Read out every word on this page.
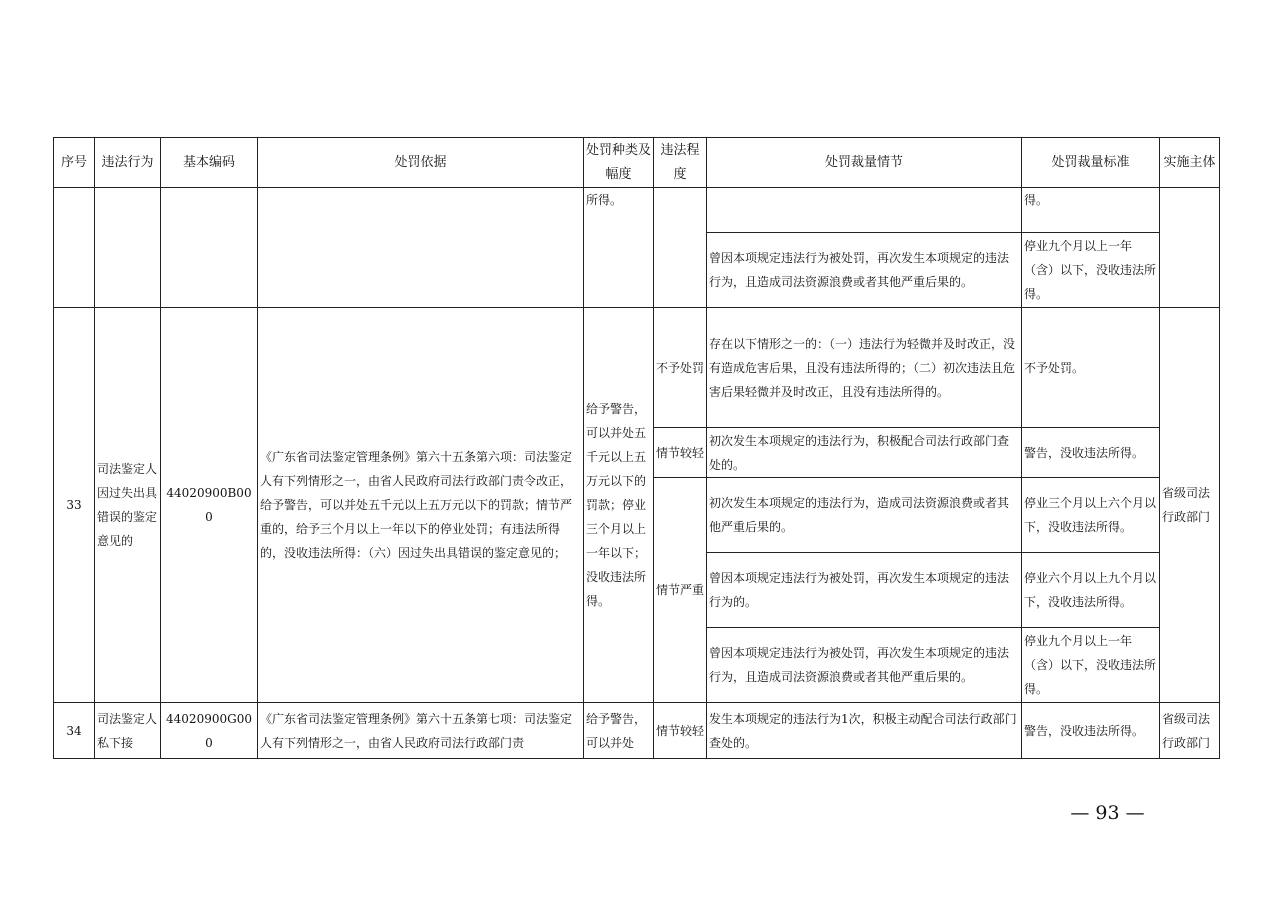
序号	违法行为	基本编码	处罚依据	处罚种类及幅度	违法程度	处罚裁量情节	处罚裁量标准	实施主体
				所得。			得。	
						曾因本项规定违法行为被处罚，再次发生本项规定的违法行为，且造成司法资源浪费或者其他严重后果的。	停业九个月以上一年（含）以下，没收违法所得。	
33	司法鉴定人因过失出具错误的鉴定意见的	44020900B000	《广东省司法鉴定管理条例》第六十五条第六项：司法鉴定人有下列情形之一，由省人民政府司法行政部门责令改正，给予警告，可以并处五千元以上五万元以下的罚款；情节严重的，给予三个月以上一年以下的停业处罚；有违法所得的，没收违法所得：（六）因过失出具错误的鉴定意见的；	给予警告，可以并处五千元以上五万元以下的罚款；停业三个月以上一年以下；没收违法所得。	不予处罚	存在以下情形之一的：（一）违法行为轻微并及时改正，没有造成危害后果，且没有违法所得的；（二）初次违法且危害后果轻微并及时改正，且没有违法所得的。	不予处罚。	省级司法行政部门
					情节较轻	初次发生本项规定的违法行为，积极配合司法行政部门查处的。	警告，没收违法所得。	
					情节严重	初次发生本项规定的违法行为，造成司法资源浪费或者其他严重后果的。	停业三个月以上六个月以下，没收违法所得。	
						曾因本项规定违法行为被处罚，再次发生本项规定的违法行为的。	停业六个月以上九个月以下，没收违法所得。	
						曾因本项规定违法行为被处罚，再次发生本项规定的违法行为，且造成司法资源浪费或者其他严重后果的。	停业九个月以上一年（含）以下，没收违法所得。	
34	司法鉴定人私下接	44020900G000	《广东省司法鉴定管理条例》第六十五条第七项：司法鉴定人有下列情形之一，由省人民政府司法行政部门责	给予警告，可以并处	情节较轻	发生本项规定的违法行为1次，积极主动配合司法行政部门查处的。	警告，没收违法所得。	省级司法行政部门
— 93 —
